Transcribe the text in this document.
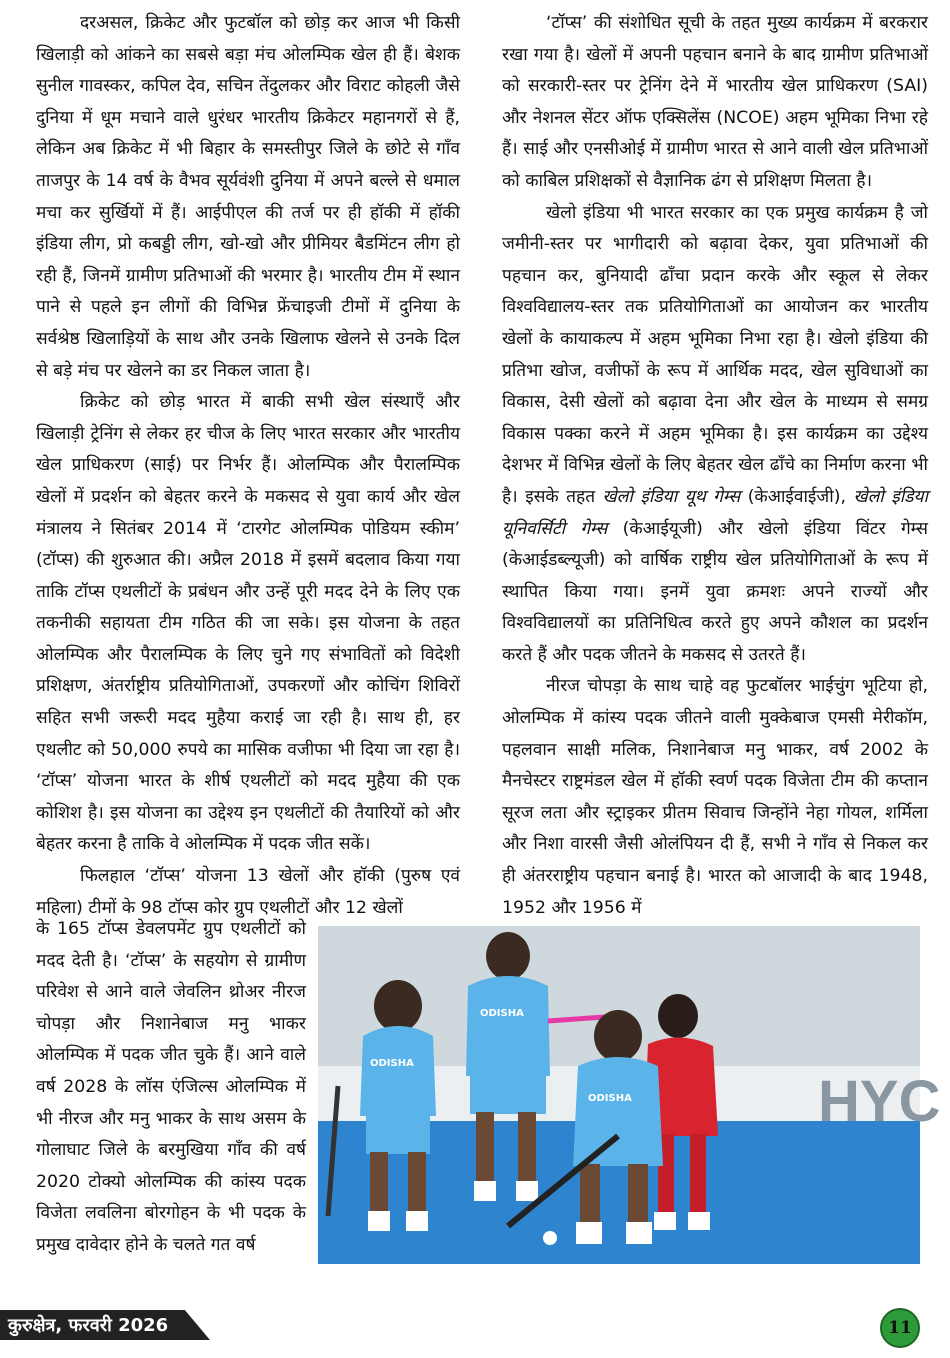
दरअसल, क्रिकेट और फुटबॉल को छोड़ कर आज भी किसी खिलाड़ी को आंकने का सबसे बड़ा मंच ओलम्पिक खेल ही हैं। बेशक सुनील गावस्कर, कपिल देव, सचिन तेंदुलकर और विराट कोहली जैसे दुनिया में धूम मचाने वाले धुरंधर भारतीय क्रिकेटर महानगरों से हैं, लेकिन अब क्रिकेट में भी बिहार के समस्तीपुर जिले के छोटे से गाँव ताजपुर के 14 वर्ष के वैभव सूर्यवंशी दुनिया में अपने बल्ले से धमाल मचा कर सुर्खियों में हैं। आईपीएल की तर्ज पर ही हॉकी में हॉकी इंडिया लीग, प्रो कबड्डी लीग, खो-खो और प्रीमियर बैडमिंटन लीग हो रही हैं, जिनमें ग्रामीण प्रतिभाओं की भरमार है। भारतीय टीम में स्थान पाने से पहले इन लीगों की विभिन्न फ्रेंचाइजी टीमों में दुनिया के सर्वश्रेष्ठ खिलाड़ियों के साथ और उनके खिलाफ खेलने से उनके दिल से बड़े मंच पर खेलने का डर निकल जाता है।

क्रिकेट को छोड़ भारत में बाकी सभी खेल संस्थाएँ और खिलाड़ी ट्रेनिंग से लेकर हर चीज के लिए भारत सरकार और भारतीय खेल प्राधिकरण (साई) पर निर्भर हैं। ओलम्पिक और पैरालम्पिक खेलों में प्रदर्शन को बेहतर करने के मकसद से युवा कार्य और खेल मंत्रालय ने सितंबर 2014 में ‘टारगेट ओलम्पिक पोडियम स्कीम’ (टॉप्स) की शुरुआत की। अप्रैल 2018 में इसमें बदलाव किया गया ताकि टॉप्स एथलीटों के प्रबंधन और उन्हें पूरी मदद देने के लिए एक तकनीकी सहायता टीम गठित की जा सके। इस योजना के तहत ओलम्पिक और पैरालम्पिक के लिए चुने गए संभावितों को विदेशी प्रशिक्षण, अंतर्राष्ट्रीय प्रतियोगिताओं, उपकरणों और कोचिंग शिविरों सहित सभी जरूरी मदद मुहैया कराई जा रही है। साथ ही, हर एथलीट को 50,000 रुपये का मासिक वजीफा भी दिया जा रहा है। ‘टॉप्स’ योजना भारत के शीर्ष एथलीटों को मदद मुहैया की एक कोशिश है। इस योजना का उद्देश्य इन एथलीटों की तैयारियों को और बेहतर करना है ताकि वे ओलम्पिक में पदक जीत सकें।

फिलहाल ‘टॉप्स’ योजना 13 खेलों और हॉकी (पुरुष एवं महिला) टीमों के 98 टॉप्स कोर ग्रुप एथलीटों और 12 खेलों

के 165 टॉप्स डेवलपमेंट ग्रुप एथलीटों को मदद देती है। ‘टॉप्स’ के सहयोग से ग्रामीण परिवेश से आने वाले जेवलिन थ्रोअर नीरज चोपड़ा और निशानेबाज मनु भाकर ओलम्पिक में पदक जीत चुके हैं। आने वाले वर्ष 2028 के लॉस एंजिल्स ओलम्पिक में भी नीरज और मनु भाकर के साथ असम के गोलाघाट जिले के बरमुखिया गाँव की वर्ष 2020 टोक्यो ओलम्पिक की कांस्य पदक विजेता लवलिना बोरगोहन के भी पदक के प्रमुख दावेदार होने के चलते गत वर्ष

‘टॉप्स’ की संशोधित सूची के तहत मुख्य कार्यक्रम में बरकरार रखा गया है। खेलों में अपनी पहचान बनाने के बाद ग्रामीण प्रतिभाओं को सरकारी-स्तर पर ट्रेनिंग देने में भारतीय खेल प्राधिकरण (SAI) और नेशनल सेंटर ऑफ एक्सिलेंस (NCOE) अहम भूमिका निभा रहे हैं। साई और एनसीओई में ग्रामीण भारत से आने वाली खेल प्रतिभाओं को काबिल प्रशिक्षकों से वैज्ञानिक ढंग से प्रशिक्षण मिलता है।

खेलो इंडिया भी भारत सरकार का एक प्रमुख कार्यक्रम है जो जमीनी-स्तर पर भागीदारी को बढ़ावा देकर, युवा प्रतिभाओं की पहचान कर, बुनियादी ढाँचा प्रदान करके और स्कूल से लेकर विश्वविद्यालय-स्तर तक प्रतियोगिताओं का आयोजन कर भारतीय खेलों के कायाकल्प में अहम भूमिका निभा रहा है। खेलो इंडिया की प्रतिभा खोज, वजीफों के रूप में आर्थिक मदद, खेल सुविधाओं का विकास, देसी खेलों को बढ़ावा देना और खेल के माध्यम से समग्र विकास पक्का करने में अहम भूमिका है। इस कार्यक्रम का उद्देश्य देशभर में विभिन्न खेलों के लिए बेहतर खेल ढाँचे का निर्माण करना भी है। इसके तहत खेलो इंडिया यूथ गेम्स (केआईवाईजी), खेलो इंडिया यूनिवर्सिटी गेम्स (केआईयूजी) और खेलो इंडिया विंटर गेम्स (केआईडब्ल्यूजी) को वार्षिक राष्ट्रीय खेल प्रतियोगिताओं के रूप में स्थापित किया गया। इनमें युवा क्रमशः अपने राज्यों और विश्वविद्यालयों का प्रतिनिधित्व करते हुए अपने कौशल का प्रदर्शन करते हैं और पदक जीतने के मकसद से उतरते हैं।

नीरज चोपड़ा के साथ चाहे वह फुटबॉलर भाईचुंग भूटिया हो, ओलम्पिक में कांस्य पदक जीतने वाली मुक्केबाज एमसी मेरीकॉम, पहलवान साक्षी मलिक, निशानेबाज मनु भाकर, वर्ष 2002 के मैनचेस्टर राष्ट्रमंडल खेल में हॉकी स्वर्ण पदक विजेता टीम की कप्तान सूरज लता और स्ट्राइकर प्रीतम सिवाच जिन्होंने नेहा गोयल, शर्मिला और निशा वारसी जैसी ओलंपियन दी हैं, सभी ने गाँव से निकल कर ही अंतरराष्ट्रीय पहचान बनाई है। भारत को आजादी के बाद 1948, 1952 और 1956 में

HYC
ODISHA
ODISHA
ODISHA
कुरुक्षेत्र, फरवरी 2026	11
